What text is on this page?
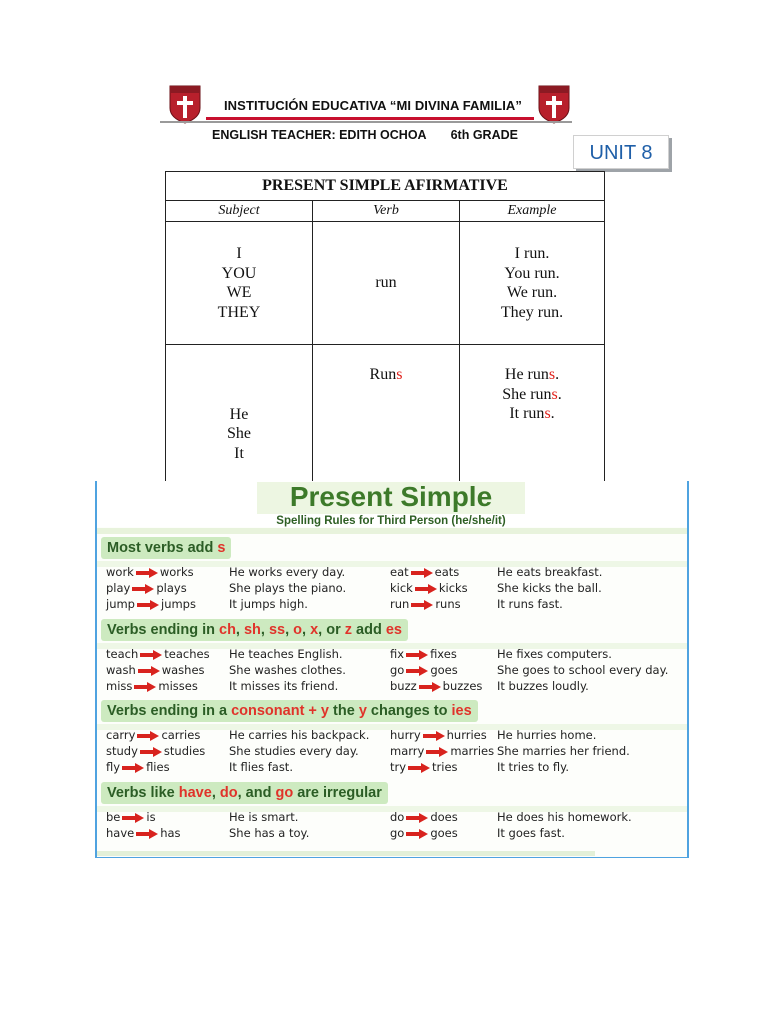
INSTITUCIÓN EDUCATIVA “MI DIVINA FAMILIA”
ENGLISH TEACHER: EDITH OCHOA 6th GRADE
UNIT 8
PRESENT SIMPLE AFIRMATIVE		
Subject	Verb	Example

I
YOU
WE
THEY	run	I run.
You run.
We run.
They run.

He
She
It	Runs	He runs.
She runs.
It runs.
Present Simple
Spelling Rules for Third Person (he/she/it)
Most verbs add s
work works	He works every day.
play plays	She plays the piano.
jump jumps	It jumps high.
eat eats	He eats breakfast.
kick kicks	She kicks the ball.
run runs	It runs fast.
Verbs ending in ch, sh, ss, o, x, or z add es
teach teaches He teaches English.
wash washes She washes clothes.
miss misses	It misses its friend.
fix fixes	He fixes computers.
go goes	She goes to school every day.
buzz buzzes It buzzes loudly.
Verbs ending in a consonant + y the y changes to ies
carry carries He carries his backpack.
study studies She studies every day.
fly flies	It flies fast.
hurry hurries He hurries home.
marry marries She marries her friend.
try tries	It tries to fly.
Verbs like have, do, and go are irregular
be is	He is smart.
have has	She has a toy.
do does	He does his homework.
go goes	It goes fast.
